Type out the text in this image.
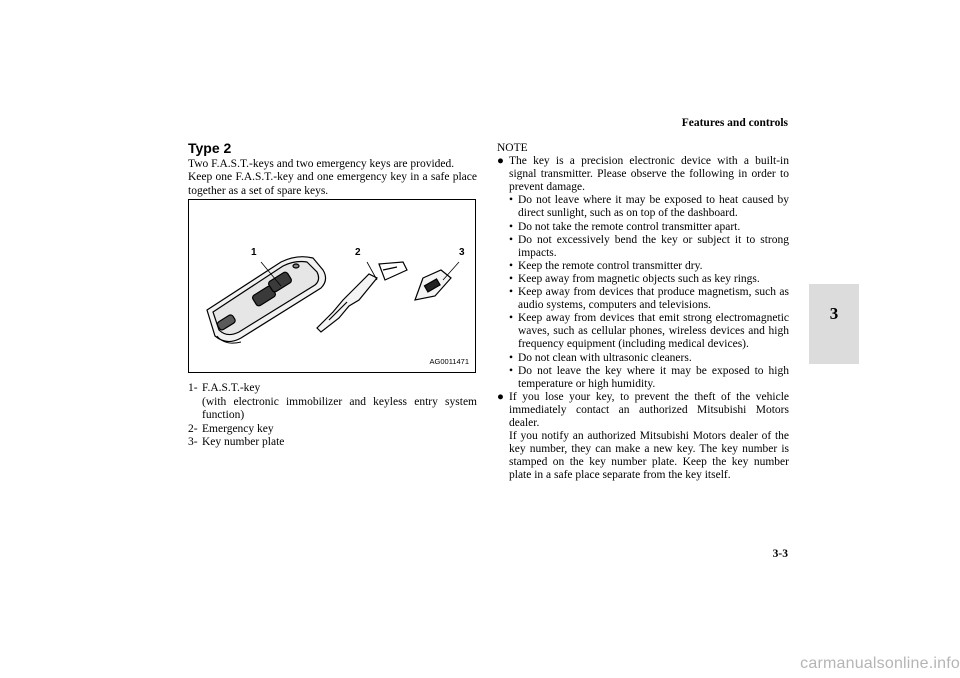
Features and controls
3
Type 2

Two F.A.S.T.-keys and two emergency keys are provided.

Keep one F.A.S.T.-key and one emergency key in a safe place together as a set of spare keys.

1	2	3
AG0011471
1- F.A.S.T.-key
(with electronic immobilizer and keyless entry system function)
2- Emergency key
3- Key number plate

NOTE

● The key is a precision electronic device with a built-in signal transmitter. Please observe the following in order to prevent damage.

• Do not leave where it may be exposed to heat caused by direct sunlight, such as on top of the dashboard.
• Do not take the remote control transmitter apart.
• Do not excessively bend the key or subject it to strong impacts.
• Keep the remote control transmitter dry.
• Keep away from magnetic objects such as key rings.
• Keep away from devices that produce magnetism, such as audio systems, computers and televisions.
• Keep away from devices that emit strong electromagnetic waves, such as cellular phones, wireless devices and high frequency equipment (including medical devices).
• Do not clean with ultrasonic cleaners.
• Do not leave the key where it may be exposed to high temperature or high humidity.
● If you lose your key, to prevent the theft of the vehicle immediately contact an authorized Mitsubishi Motors dealer.

If you notify an authorized Mitsubishi Motors dealer of the key number, they can make a new key. The key number is stamped on the key number plate. Keep the key number plate in a safe place separate from the key itself.

3-3
carmanualsonline.info
